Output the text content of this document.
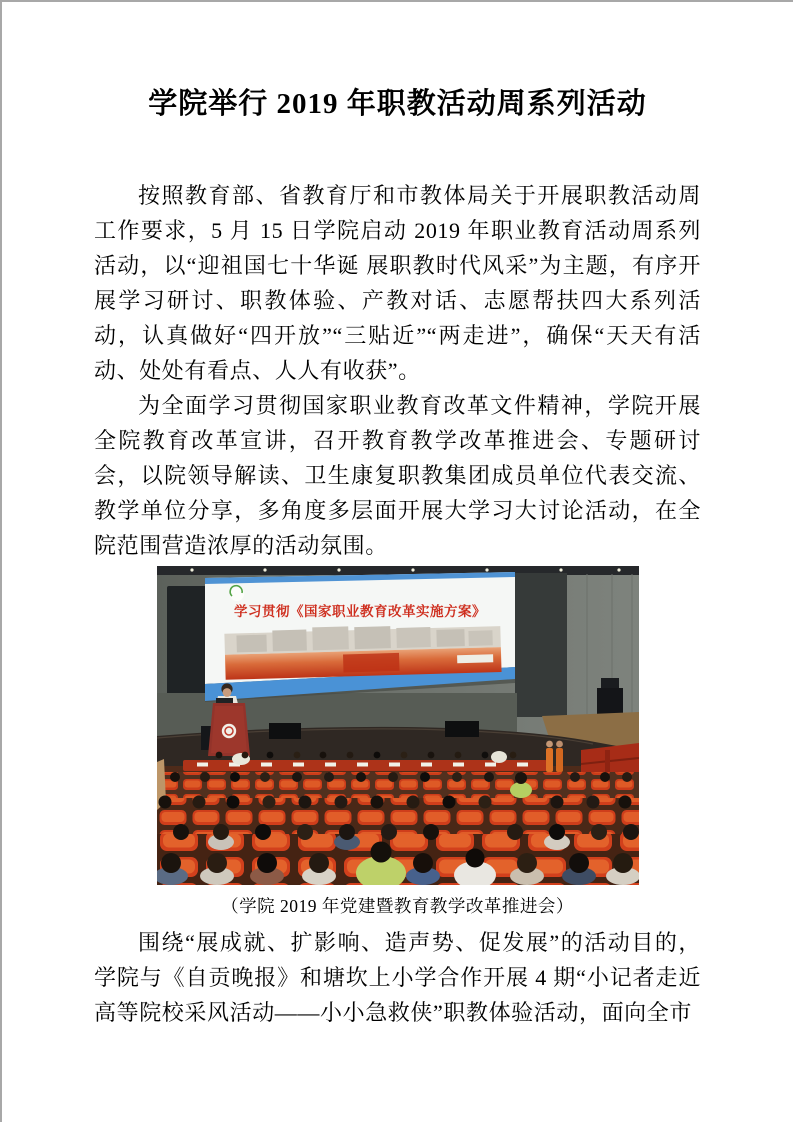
学院举行 2019 年职教活动周系列活动

按照教育部、省教育厅和市教体局关于开展职教活动周工作要求，5 月 15 日学院启动 2019 年职业教育活动周系列活动，以“迎祖国七十华诞 展职教时代风采”为主题，有序开展学习研讨、职教体验、产教对话、志愿帮扶四大系列活动，认真做好“四开放”“三贴近”“两走进”，确保“天天有活动、处处有看点、人人有收获”。

为全面学习贯彻国家职业教育改革文件精神，学院开展全院教育改革宣讲，召开教育教学改革推进会、专题研讨会，以院领导解读、卫生康复职教集团成员单位代表交流、教学单位分享，多角度多层面开展大学习大讨论活动，在全院范围营造浓厚的活动氛围。

学习贯彻《国家职业教育改革实施方案》

（学院 2019 年党建暨教育教学改革推进会）

围绕“展成就、扩影响、造声势、促发展”的活动目的，学院与《自贡晚报》和塘坎上小学合作开展 4 期“小记者走近高等院校采风活动——小小急救侠”职教体验活动，面向全市
